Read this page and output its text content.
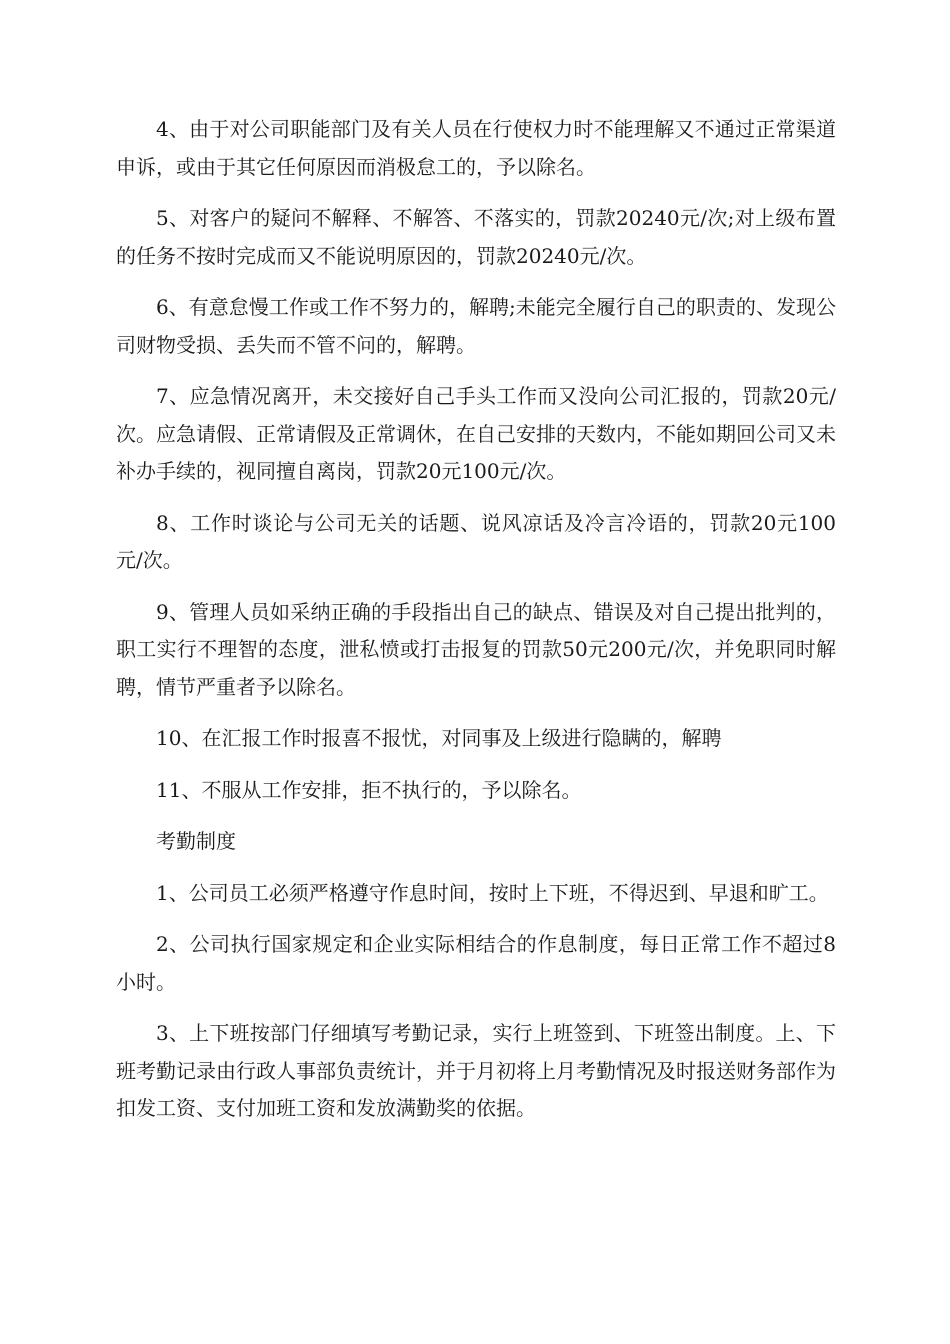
4、由于对公司职能部门及有关人员在行使权力时不能理解又不通过正常渠道申诉，或由于其它任何原因而消极怠工的，予以除名。

5、对客户的疑问不解释、不解答、不落实的，罚款20240元/次;对上级布置的任务不按时完成而又不能说明原因的，罚款20240元/次。

6、有意怠慢工作或工作不努力的，解聘;未能完全履行自己的职责的、发现公司财物受损、丢失而不管不问的，解聘。

7、应急情况离开，未交接好自己手头工作而又没向公司汇报的，罚款20元/次。应急请假、正常请假及正常调休，在自己安排的天数内，不能如期回公司又未补办手续的，视同擅自离岗，罚款20元100元/次。

8、工作时谈论与公司无关的话题、说风凉话及冷言冷语的，罚款20元100元/次。

9、管理人员如采纳正确的手段指出自己的缺点、错误及对自己提出批判的，职工实行不理智的态度，泄私愤或打击报复的罚款50元200元/次，并免职同时解聘，情节严重者予以除名。

10、在汇报工作时报喜不报忧，对同事及上级进行隐瞒的，解聘

11、不服从工作安排，拒不执行的，予以除名。

考勤制度

1、公司员工必须严格遵守作息时间，按时上下班，不得迟到、早退和旷工。

2、公司执行国家规定和企业实际相结合的作息制度，每日正常工作不超过8小时。

3、上下班按部门仔细填写考勤记录，实行上班签到、下班签出制度。上、下班考勤记录由行政人事部负责统计，并于月初将上月考勤情况及时报送财务部作为扣发工资、支付加班工资和发放满勤奖的依据。
